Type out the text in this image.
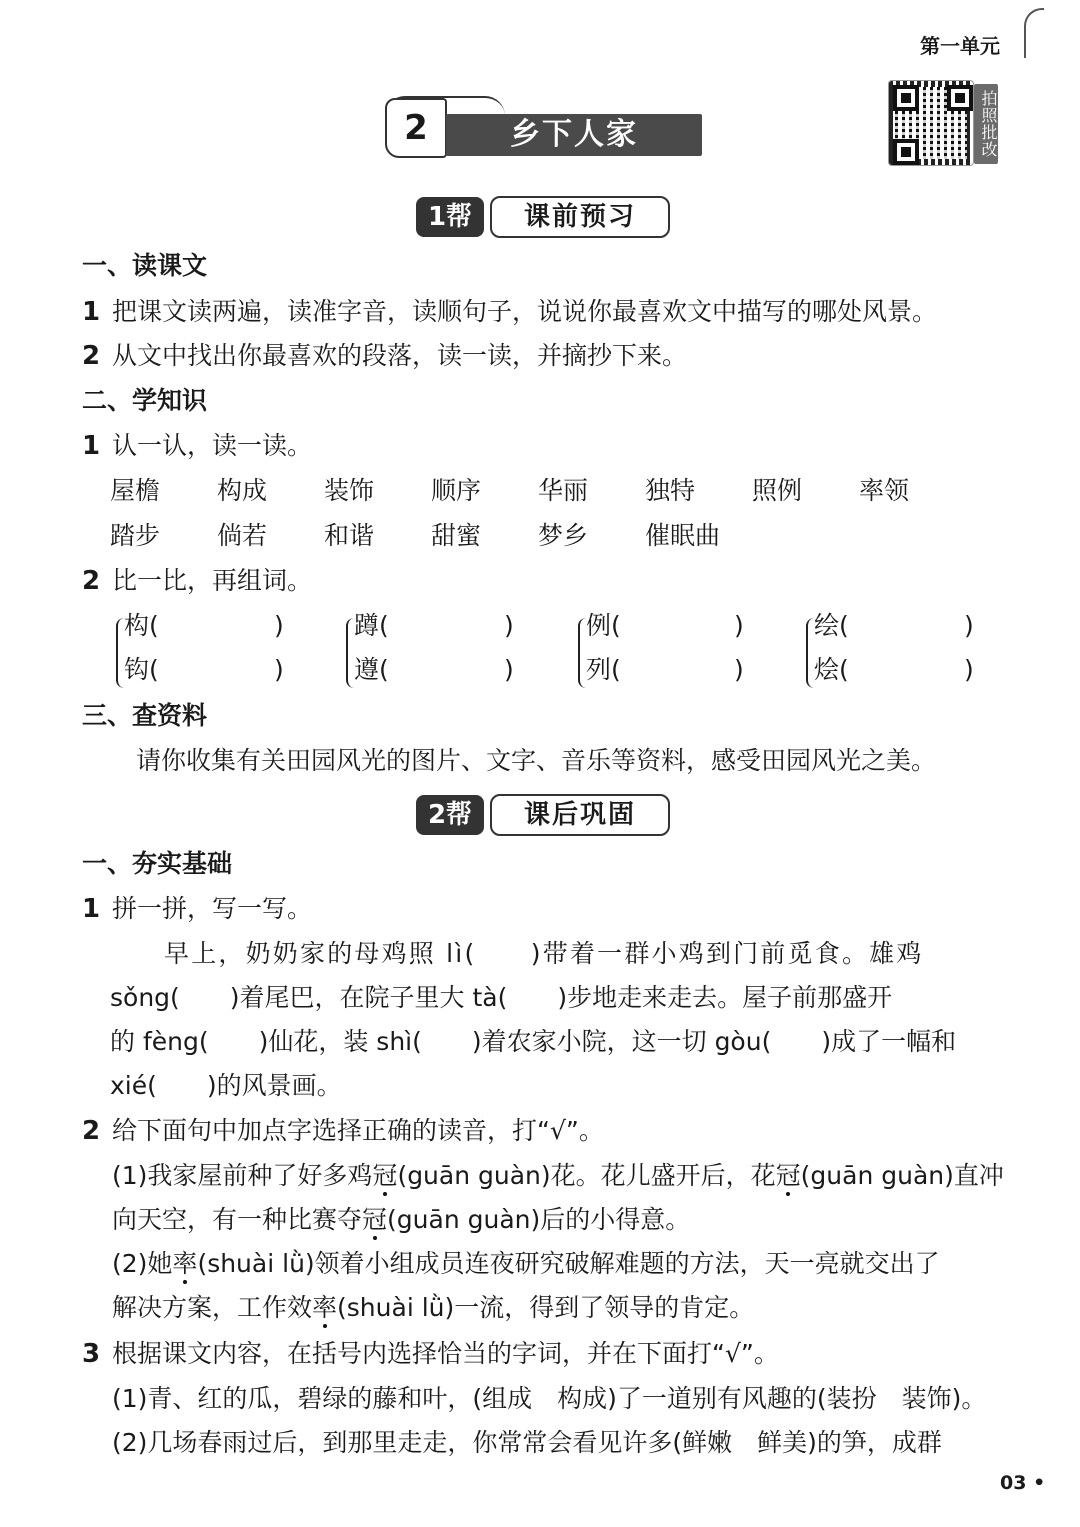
第一单元
拍照批改
2	乡下人家
1帮	课前预习
一、读课文
1 把课文读两遍，读准字音，读顺句子，说说你最喜欢文中描写的哪处风景。
2 从文中找出你最喜欢的段落，读一读，并摘抄下来。
二、学知识
1 认一认，读一读。
屋檐 构成 装饰 顺序 华丽 独特 照例 率领
踏步 倘若 和谐 甜蜜 梦乡 催眠曲
2 比一比，再组词。
构(	)
钩(	)
蹲(	)
遵(	)
例(	)
列(	)
绘(	)
烩(	)
三、查资料
请你收集有关田园风光的图片、文字、音乐等资料，感受田园风光之美。
2帮	课后巩固
一、夯实基础
1 拼一拼，写一写。
早上，奶奶家的母鸡照 lì(　　)带着一群小鸡到门前觅食。雄鸡
sǒng(　　)着尾巴，在院子里大 tà(　　)步地走来走去。屋子前那盛开
的 fèng(　　)仙花，装 shì(　　)着农家小院，这一切 gòu(　　)成了一幅和
xié(　　)的风景画。
2 给下面句中加点字选择正确的读音，打“√”。
(1)我家屋前种了好多鸡冠(guān guàn)花。花儿盛开后，花冠(guān guàn)直冲
向天空，有一种比赛夺冠(guān guàn)后的小得意。
(2)她率(shuài lǜ)领着小组成员连夜研究破解难题的方法，天一亮就交出了
解决方案，工作效率(shuài lǜ)一流，得到了领导的肯定。
3 根据课文内容，在括号内选择恰当的字词，并在下面打“√”。
(1)青、红的瓜，碧绿的藤和叶，(组成　构成)了一道别有风趣的(装扮　装饰)。
(2)几场春雨过后，到那里走走，你常常会看见许多(鲜嫩　鲜美)的笋，成群
03 •
